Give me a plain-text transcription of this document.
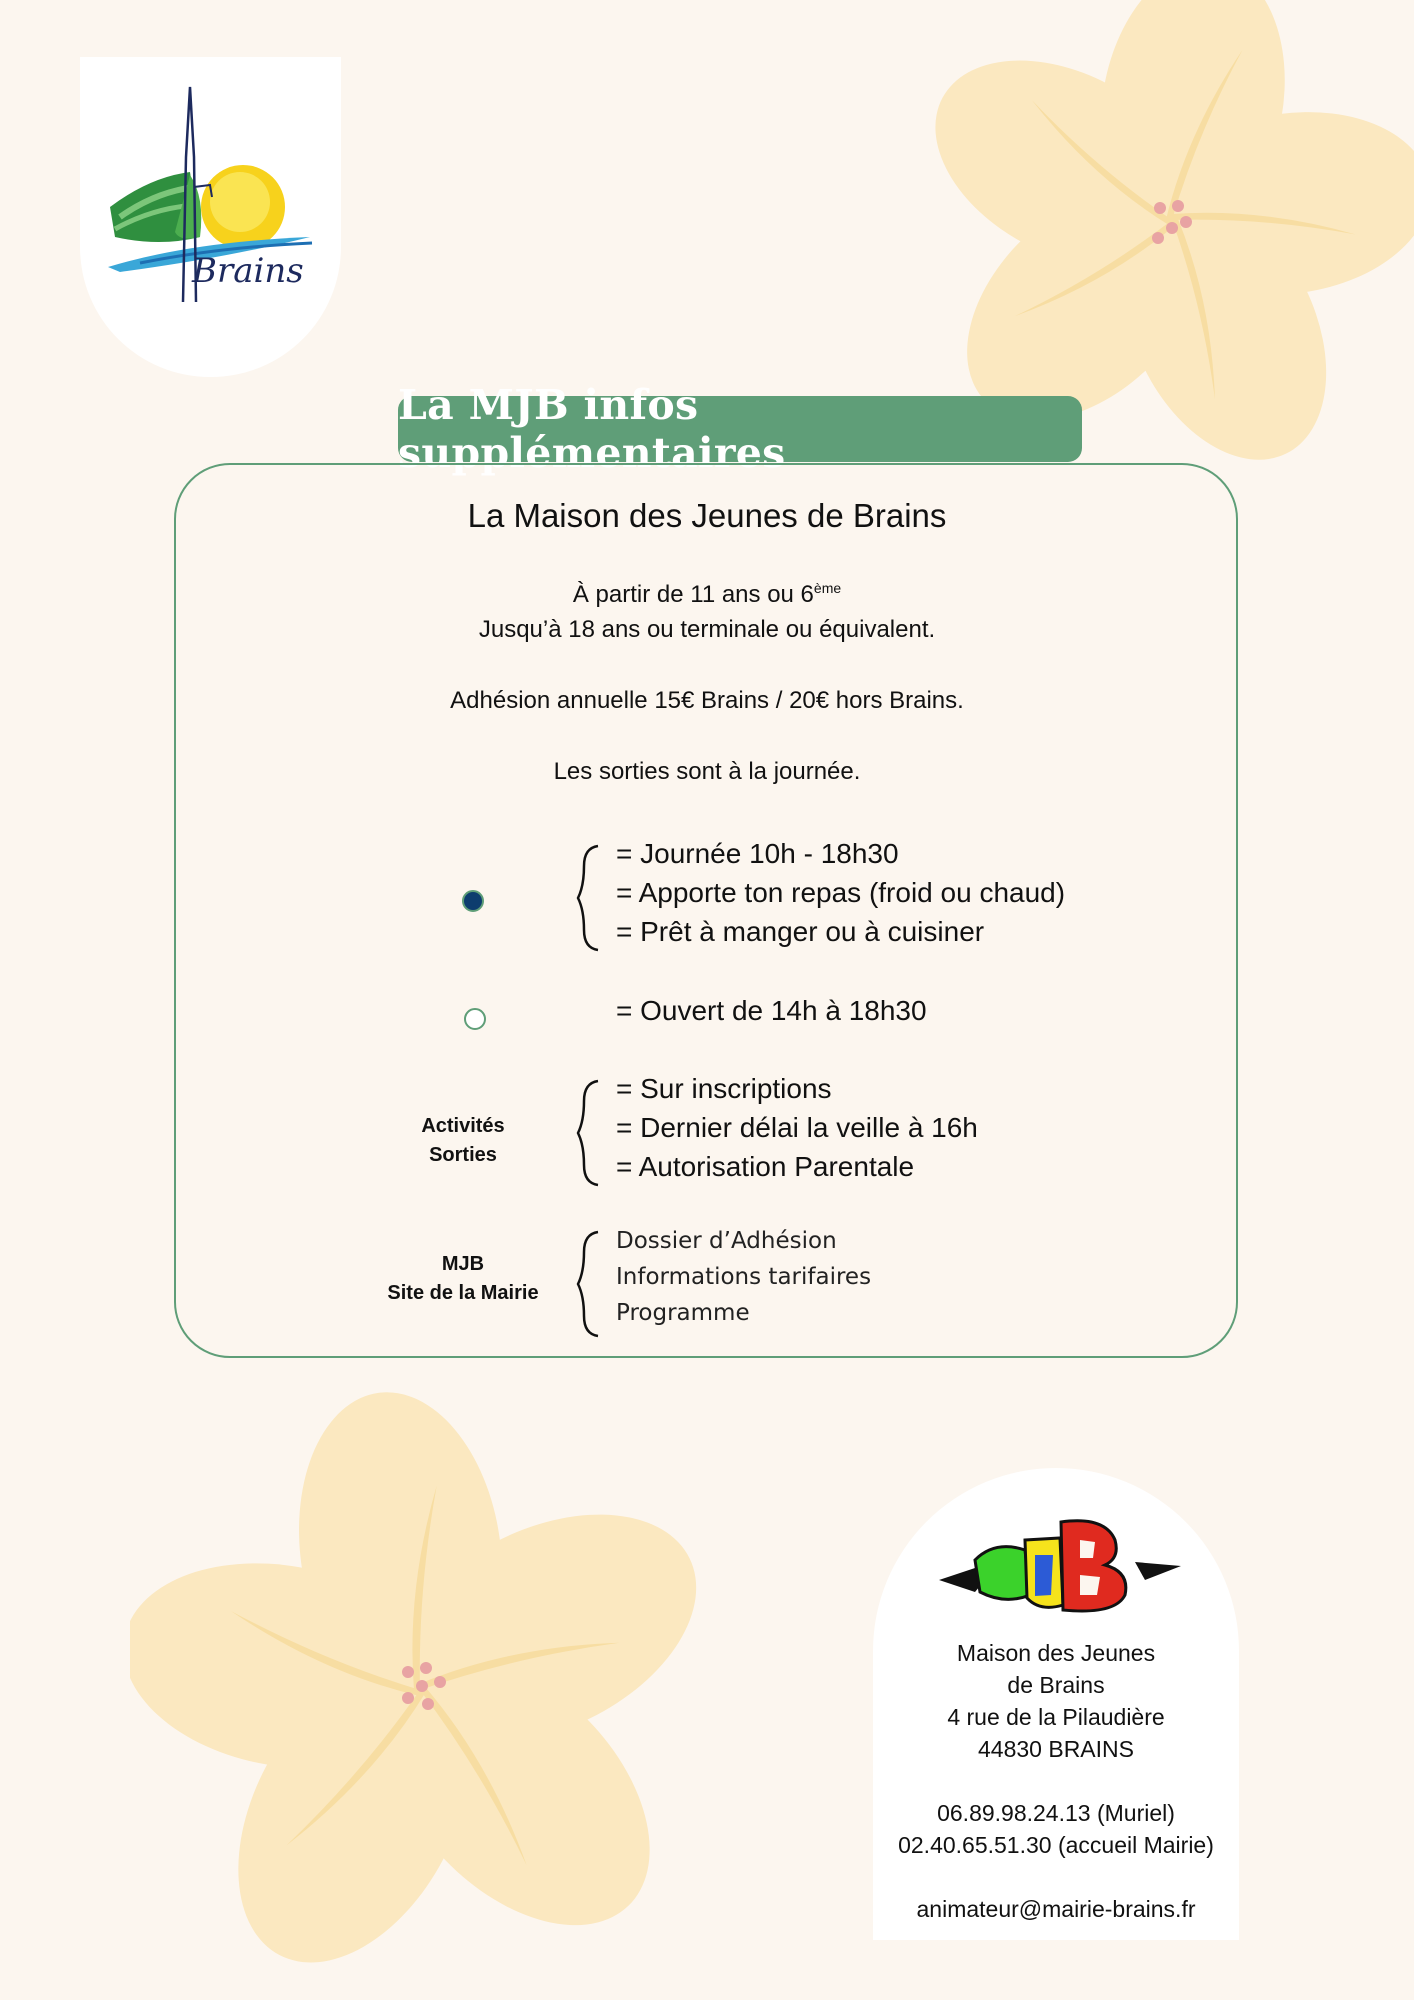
Brains
La MJB infos supplémentaires
La Maison des Jeunes de Brains
À partir de 11 ans ou 6ème
Jusqu’à 18 ans ou terminale ou équivalent.
Adhésion annuelle 15€ Brains / 20€ hors Brains.
Les sorties sont à la journée.
= Journée 10h - 18h30
= Apporte ton repas (froid ou chaud)
= Prêt à manger ou à cuisiner
= Ouvert de 14h à 18h30
Activités
Sorties
= Sur inscriptions
= Dernier délai la veille à 16h
= Autorisation Parentale
MJB
Site de la Mairie
Dossier d’Adhésion
Informations tarifaires
Programme
Maison des Jeunes
de Brains
4 rue de la Pilaudière
44830 BRAINS
06.89.98.24.13 (Muriel)
02.40.65.51.30 (accueil Mairie)
animateur@mairie-brains.fr
